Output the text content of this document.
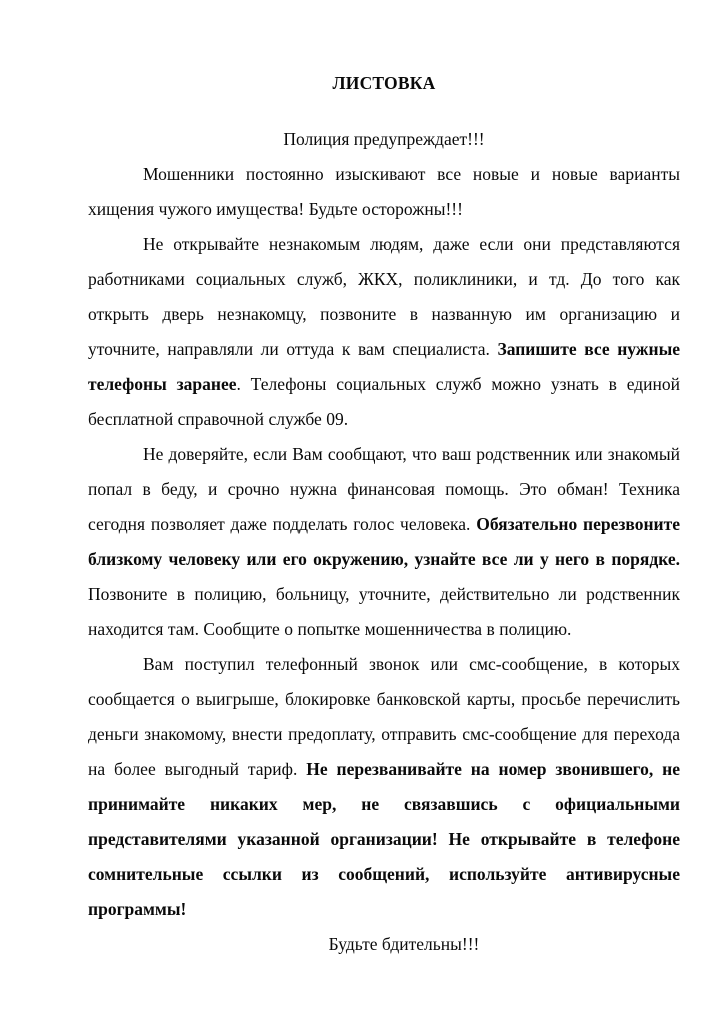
ЛИСТОВКА

Полиция предупреждает!!!

Мошенники постоянно изыскивают все новые и новые варианты хищения чужого имущества! Будьте осторожны!!!

Не открывайте незнакомым людям, даже если они представляются работниками социальных служб, ЖКХ, поликлиники, и тд. До того как открыть дверь незнакомцу, позвоните в названную им организацию и уточните, направляли ли оттуда к вам специалиста. Запишите все нужные телефоны заранее. Телефоны социальных служб можно узнать в единой бесплатной справочной службе 09.

Не доверяйте, если Вам сообщают, что ваш родственник или знакомый попал в беду, и срочно нужна финансовая помощь. Это обман! Техника сегодня позволяет даже подделать голос человека. Обязательно перезвоните близкому человеку или его окружению, узнайте все ли у него в порядке. Позвоните в полицию, больницу, уточните, действительно ли родственник находится там. Сообщите о попытке мошенничества в полицию.

Вам поступил телефонный звонок или смс-сообщение, в которых сообщается о выигрыше, блокировке банковской карты, просьбе перечислить деньги знакомому, внести предоплату, отправить смс-сообщение для перехода на более выгодный тариф. Не перезванивайте на номер звонившего, не принимайте никаких мер, не связавшись с официальными представителями указанной организации! Не открывайте в телефоне сомнительные ссылки из сообщений, используйте антивирусные программы!

Будьте бдительны!!!
